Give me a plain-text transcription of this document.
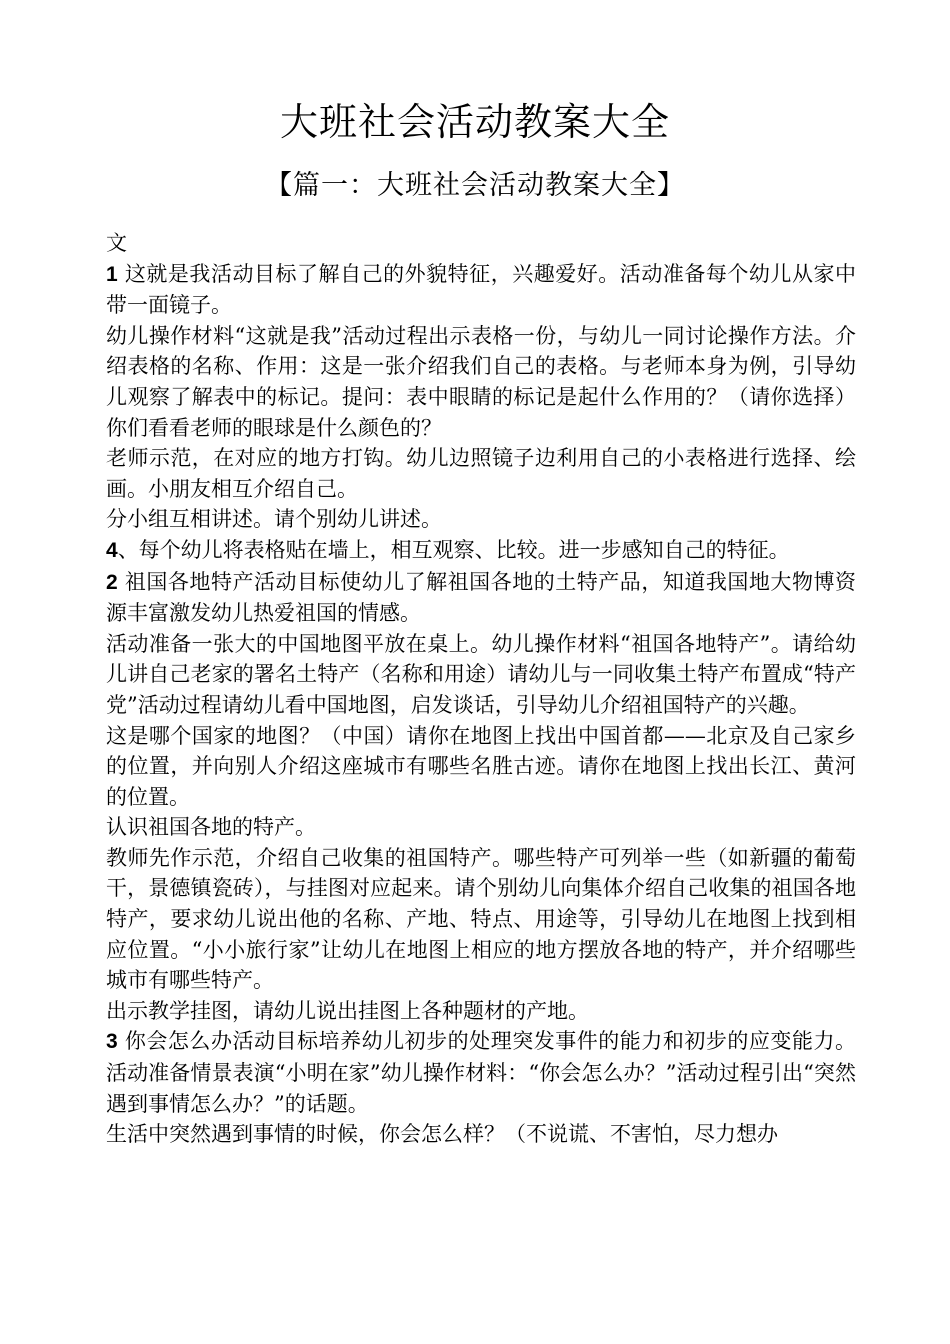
大班社会活动教案大全
【篇一：大班社会活动教案大全】

文

1 这就是我活动目标了解自己的外貌特征，兴趣爱好。活动准备每个幼儿从家中带一面镜子。

幼儿操作材料“这就是我”活动过程出示表格一份，与幼儿一同讨论操作方法。介绍表格的名称、作用：这是一张介绍我们自己的表格。与老师本身为例，引导幼儿观察了解表中的标记。提问：表中眼睛的标记是起什么作用的？（请你选择）你们看看老师的眼球是什么颜色的？

老师示范，在对应的地方打钩。幼儿边照镜子边利用自己的小表格进行选择、绘画。小朋友相互介绍自己。

分小组互相讲述。请个别幼儿讲述。

4、每个幼儿将表格贴在墙上，相互观察、比较。进一步感知自己的特征。

2 祖国各地特产活动目标使幼儿了解祖国各地的土特产品，知道我国地大物博资源丰富激发幼儿热爱祖国的情感。

活动准备一张大的中国地图平放在桌上。幼儿操作材料“祖国各地特产”。请给幼儿讲自己老家的署名土特产（名称和用途）请幼儿与一同收集土特产布置成“特产党”活动过程请幼儿看中国地图，启发谈话，引导幼儿介绍祖国特产的兴趣。

这是哪个国家的地图？（中国）请你在地图上找出中国首都——北京及自己家乡的位置，并向别人介绍这座城市有哪些名胜古迹。请你在地图上找出长江、黄河的位置。

认识祖国各地的特产。

教师先作示范，介绍自己收集的祖国特产。哪些特产可列举一些（如新疆的葡萄干，景德镇瓷砖），与挂图对应起来。请个别幼儿向集体介绍自己收集的祖国各地特产，要求幼儿说出他的名称、产地、特点、用途等，引导幼儿在地图上找到相应位置。“小小旅行家”让幼儿在地图上相应的地方摆放各地的特产，并介绍哪些城市有哪些特产。

出示教学挂图，请幼儿说出挂图上各种题材的产地。

3 你会怎么办活动目标培养幼儿初步的处理突发事件的能力和初步的应变能力。活动准备情景表演“小明在家”幼儿操作材料：“你会怎么办？”活动过程引出“突然遇到事情怎么办？”的话题。

生活中突然遇到事情的时候，你会怎么样？（不说谎、不害怕，尽力想办
